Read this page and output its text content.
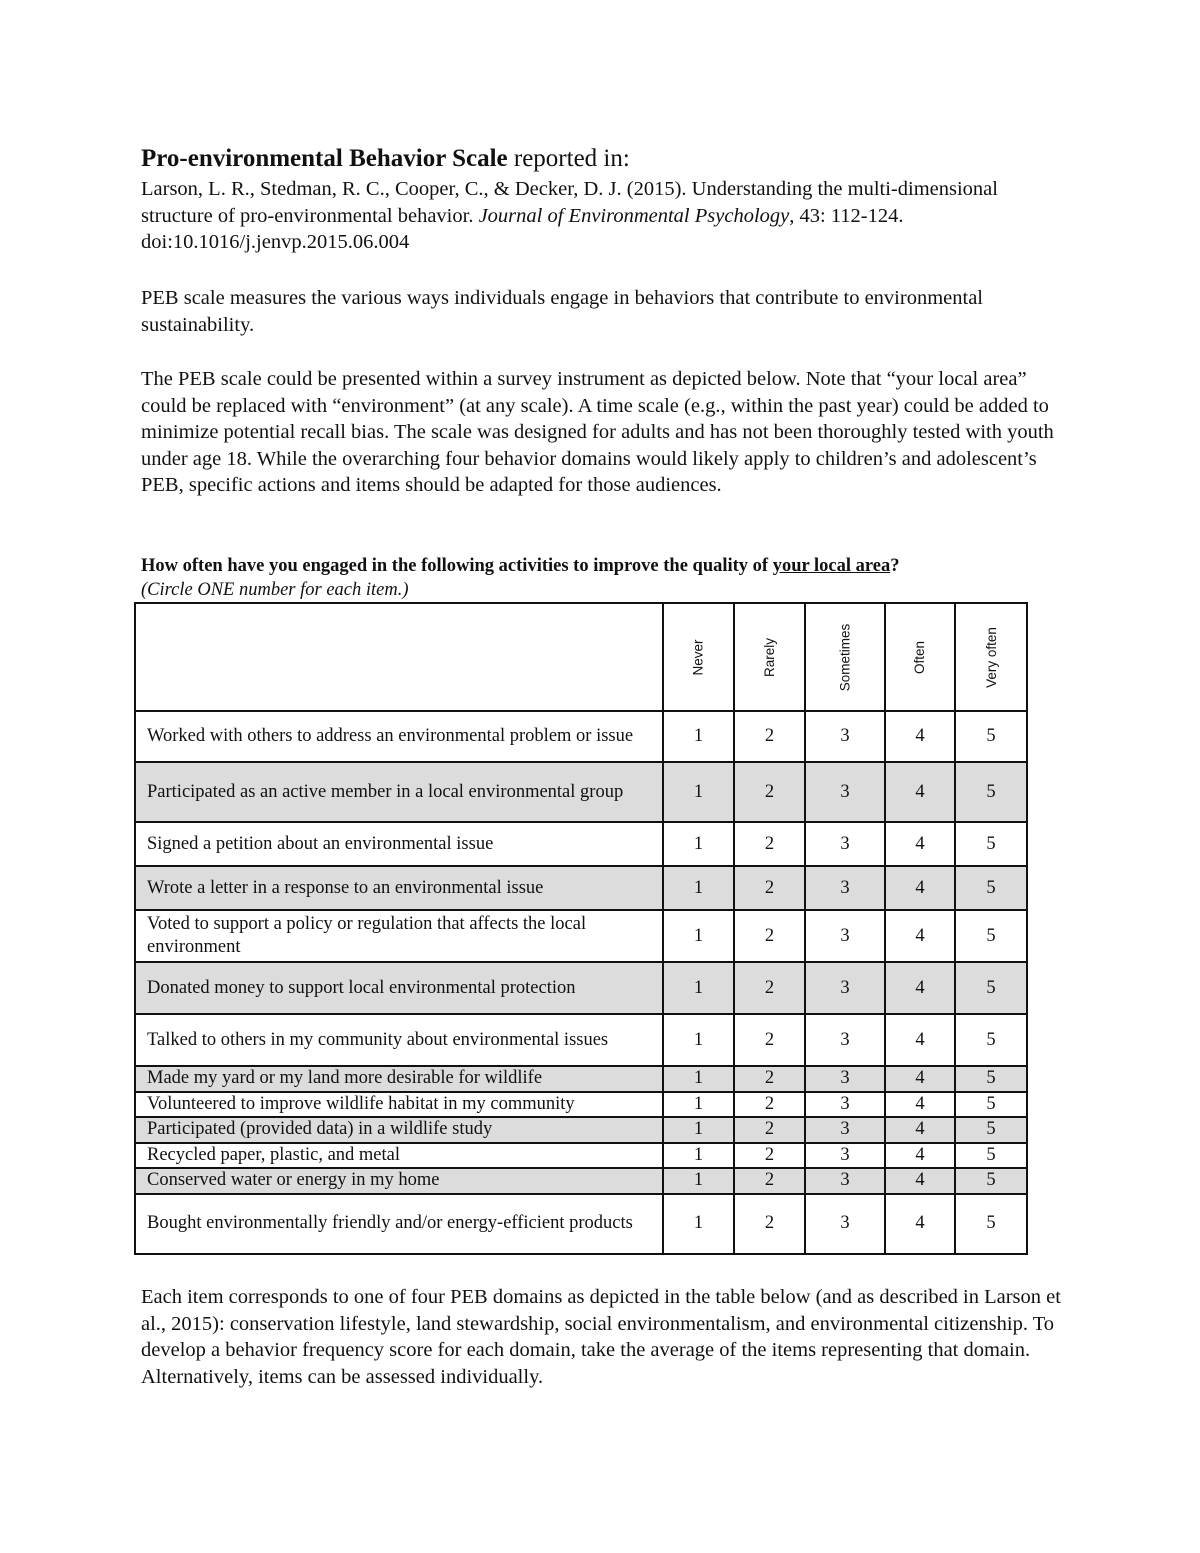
Pro-environmental Behavior Scale reported in:
Larson, L. R., Stedman, R. C., Cooper, C., & Decker, D. J. (2015). Understanding the multi-dimensional structure of pro-environmental behavior. Journal of Environmental Psychology, 43: 112-124. doi:10.1016/j.jenvp.2015.06.004
PEB scale measures the various ways individuals engage in behaviors that contribute to environmental sustainability.
The PEB scale could be presented within a survey instrument as depicted below. Note that “your local area” could be replaced with “environment” (at any scale). A time scale (e.g., within the past year) could be added to minimize potential recall bias. The scale was designed for adults and has not been thoroughly tested with youth under age 18. While the overarching four behavior domains would likely apply to children’s and adolescent’s PEB, specific actions and items should be adapted for those audiences.
How often have you engaged in the following activities to improve the quality of your local area?
(Circle ONE number for each item.)
	Never	Rarely	Sometimes	Often	Very often
Worked with others to address an environmental problem or issue	1	2	3	4	5
Participated as an active member in a local environmental group	1	2	3	4	5
Signed a petition about an environmental issue	1	2	3	4	5
Wrote a letter in a response to an environmental issue	1	2	3	4	5
Voted to support a policy or regulation that affects the local environment	1	2	3	4	5
Donated money to support local environmental protection	1	2	3	4	5
Talked to others in my community about environmental issues	1	2	3	4	5
Made my yard or my land more desirable for wildlife	1	2	3	4	5
Volunteered to improve wildlife habitat in my community	1	2	3	4	5
Participated (provided data) in a wildlife study	1	2	3	4	5
Recycled paper, plastic, and metal	1	2	3	4	5
Conserved water or energy in my home	1	2	3	4	5
Bought environmentally friendly and/or energy-efficient products	1	2	3	4	5
Each item corresponds to one of four PEB domains as depicted in the table below (and as described in Larson et al., 2015): conservation lifestyle, land stewardship, social environmentalism, and environmental citizenship. To develop a behavior frequency score for each domain, take the average of the items representing that domain. Alternatively, items can be assessed individually.
